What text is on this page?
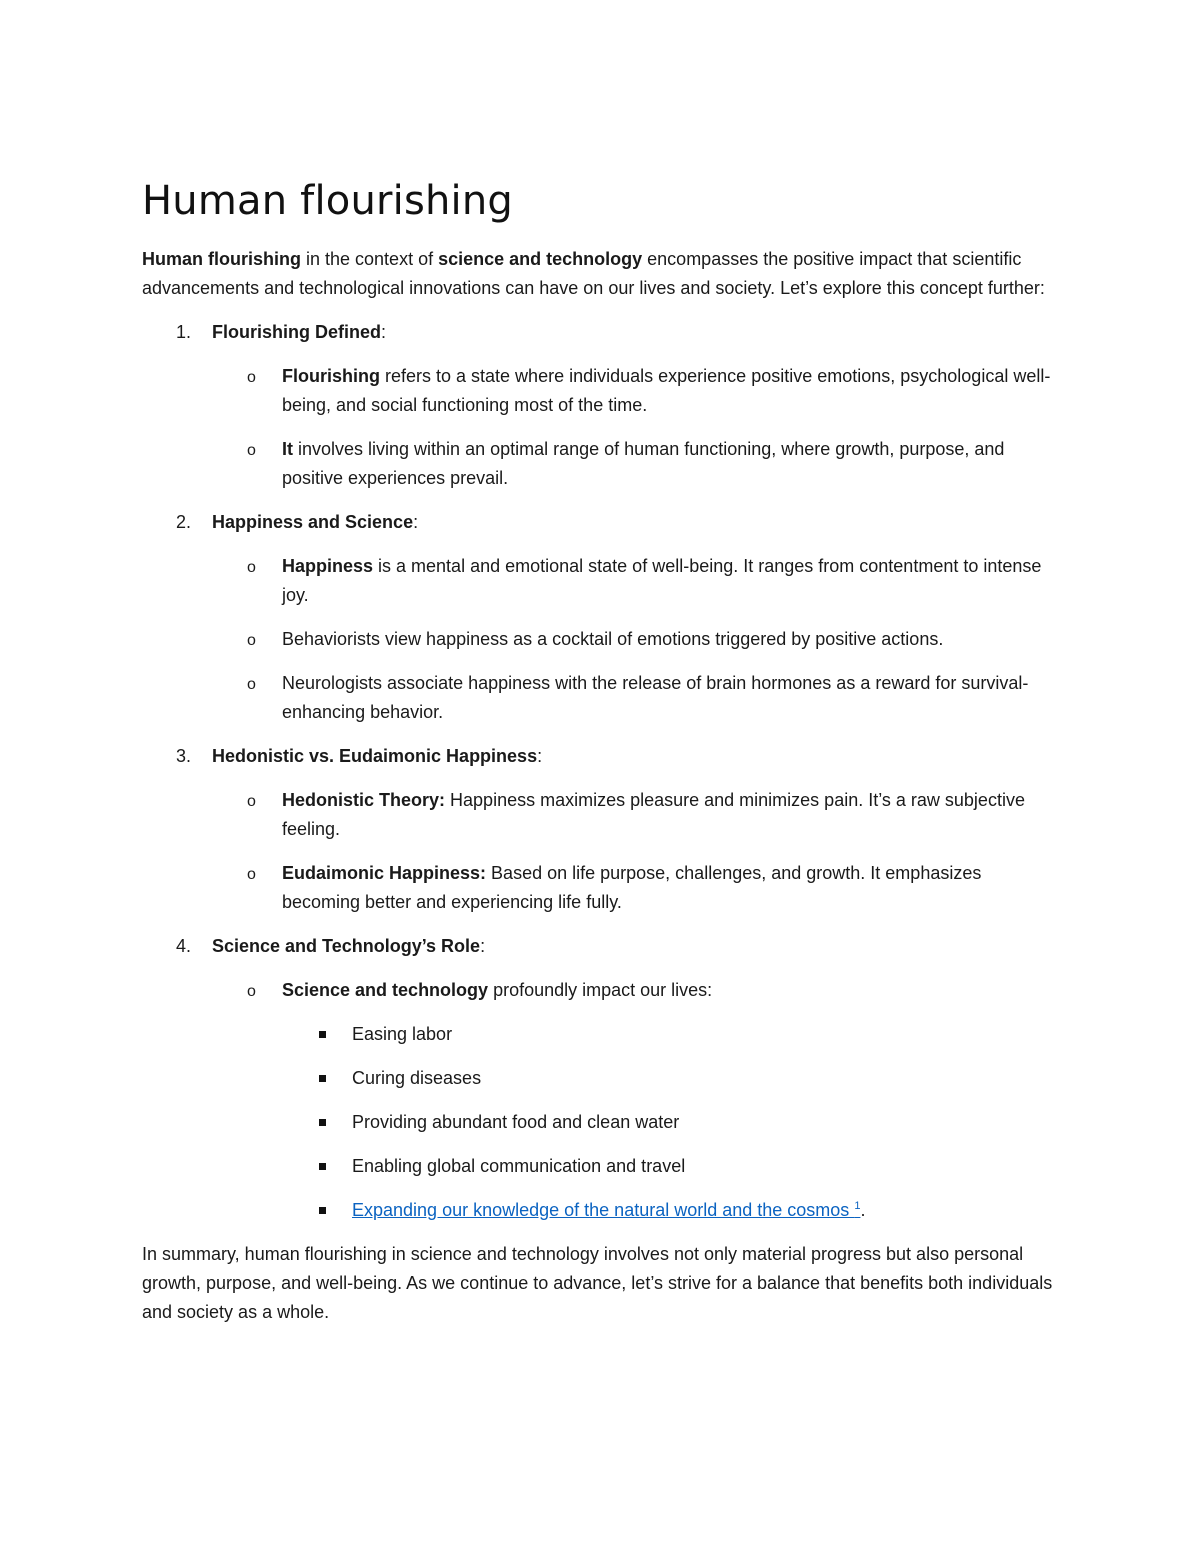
Human flourishing

Human flourishing in the context of science and technology encompasses the positive impact that scientific advancements and technological innovations can have on our lives and society. Let’s explore this concept further:

1. Flourishing Defined:
o Flourishing refers to a state where individuals experience positive emotions, psychological well-being, and social functioning most of the time.
o It involves living within an optimal range of human functioning, where growth, purpose, and positive experiences prevail.
2. Happiness and Science:
o Happiness is a mental and emotional state of well-being. It ranges from contentment to intense joy.
o Behaviorists view happiness as a cocktail of emotions triggered by positive actions.
o Neurologists associate happiness with the release of brain hormones as a reward for survival-enhancing behavior.
3. Hedonistic vs. Eudaimonic Happiness:
o Hedonistic Theory: Happiness maximizes pleasure and minimizes pain. It’s a raw subjective feeling.
o Eudaimonic Happiness: Based on life purpose, challenges, and growth. It emphasizes becoming better and experiencing life fully.
4. Science and Technology’s Role:
o Science and technology profoundly impact our lives:
Easing labor
Curing diseases
Providing abundant food and clean water
Enabling global communication and travel
Expanding our knowledge of the natural world and the cosmos $^1$.

In summary, human flourishing in science and technology involves not only material progress but also personal growth, purpose, and well-being. As we continue to advance, let’s strive for a balance that benefits both individuals and society as a whole.
